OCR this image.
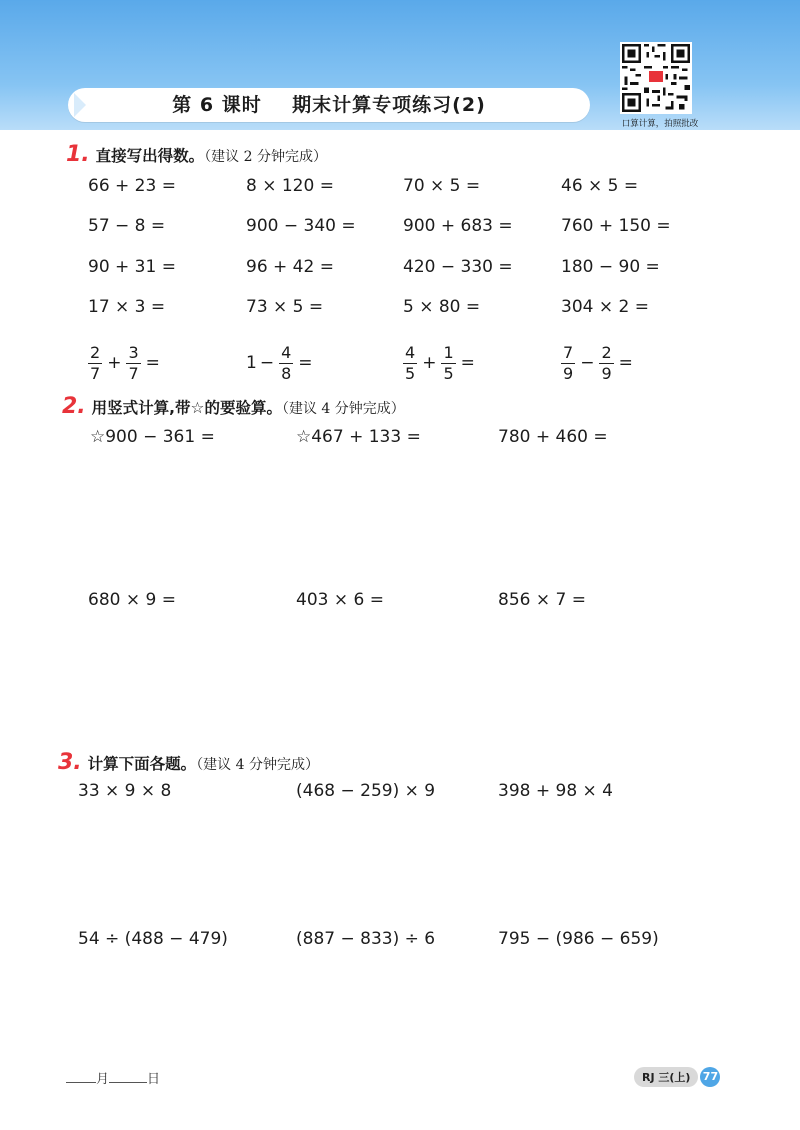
第 6 课时    期末计算专项练习(2)
口算计算，拍照批改
1. 直接写出得数。（建议 2 分钟完成）
66 + 23 =	8 × 120 =	70 × 5 =	46 × 5 =
57 − 8 =	900 − 340 =	900 + 683 =	760 + 150 =
90 + 31 =	96 + 42 =	420 − 330 =	180 − 90 =
17 × 3 =	73 × 5 =	5 × 80 =	304 × 2 =
$\frac{2}{7} + \frac{3}{7}$ =	$1 - \frac{4}{8}$ =	$\frac{4}{5} + \frac{1}{5}$ =	$\frac{7}{9} - \frac{2}{9}$ =
2. 用竖式计算,带☆的要验算。（建议 4 分钟完成）
☆900 − 361 =	☆467 + 133 =	780 + 460 =
680 × 9 =	403 × 6 =	856 × 7 =
3. 计算下面各题。（建议 4 分钟完成）
33 × 9 × 8	(468 − 259) × 9	398 + 98 × 4
54 ÷ (488 − 479)	(887 − 833) ÷ 6	795 − (986 − 659)
月	日	RJ 三(上)	77
